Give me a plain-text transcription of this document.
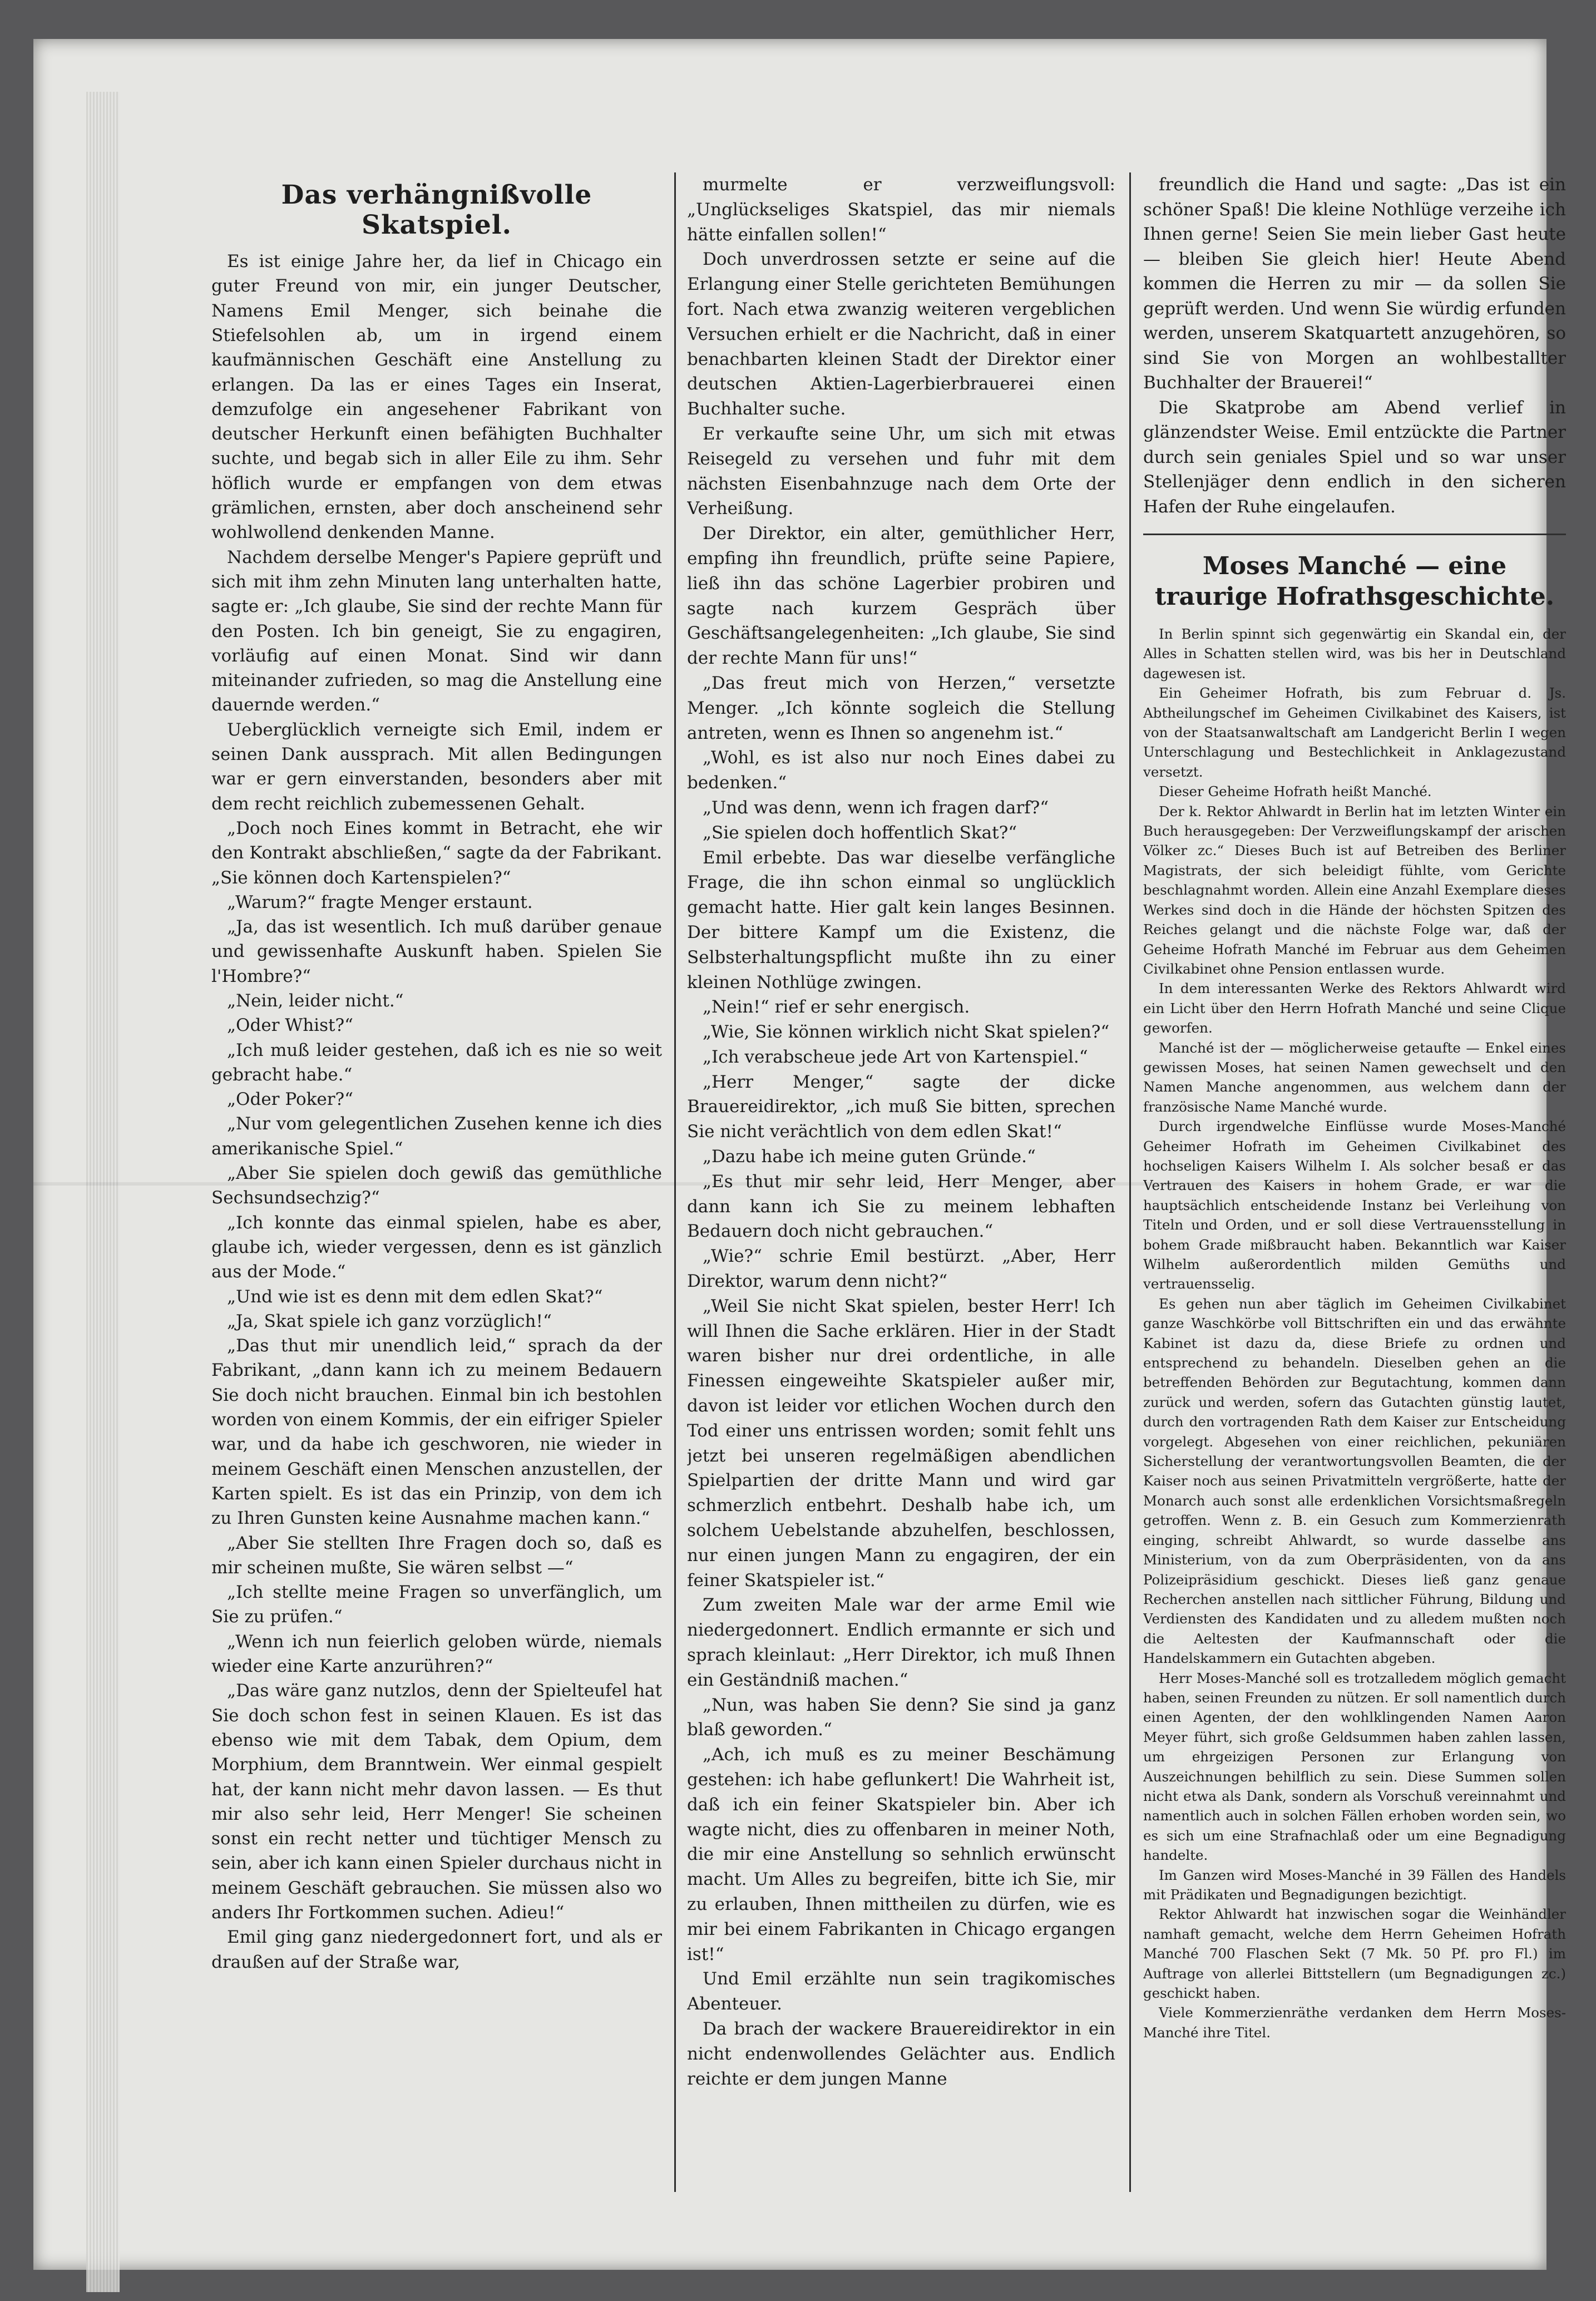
Das verhängnißvolle Skatspiel.

Es ist einige Jahre her, da lief in Chicago ein guter Freund von mir, ein junger Deutscher, Namens Emil Menger, sich beinahe die Stiefelsohlen ab, um in irgend einem kaufmännischen Geschäft eine Anstellung zu erlangen. Da las er eines Tages ein Inserat, demzufolge ein angesehener Fabrikant von deutscher Herkunft einen befähigten Buchhalter suchte, und begab sich in aller Eile zu ihm. Sehr höflich wurde er empfangen von dem etwas grämlichen, ernsten, aber doch anscheinend sehr wohlwollend denkenden Manne.

Nachdem derselbe Menger's Papiere geprüft und sich mit ihm zehn Minuten lang unterhalten hatte, sagte er: „Ich glaube, Sie sind der rechte Mann für den Posten. Ich bin geneigt, Sie zu engagiren, vorläufig auf einen Monat. Sind wir dann miteinander zufrieden, so mag die Anstellung eine dauernde werden.“

Ueberglücklich verneigte sich Emil, indem er seinen Dank aussprach. Mit allen Bedingungen war er gern einverstanden, besonders aber mit dem recht reichlich zubemessenen Gehalt.

„Doch noch Eines kommt in Betracht, ehe wir den Kontrakt abschließen,“ sagte da der Fabrikant. „Sie können doch Kartenspielen?“

„Warum?“ fragte Menger erstaunt.

„Ja, das ist wesentlich. Ich muß darüber genaue und gewissenhafte Auskunft haben. Spielen Sie l'Hombre?“

„Nein, leider nicht.“

„Oder Whist?“

„Ich muß leider gestehen, daß ich es nie so weit gebracht habe.“

„Oder Poker?“

„Nur vom gelegentlichen Zusehen kenne ich dies amerikanische Spiel.“

„Aber Sie spielen doch gewiß das gemüthliche Sechsundsechzig?“

„Ich konnte das einmal spielen, habe es aber, glaube ich, wieder vergessen, denn es ist gänzlich aus der Mode.“

„Und wie ist es denn mit dem edlen Skat?“

„Ja, Skat spiele ich ganz vorzüglich!“

„Das thut mir unendlich leid,“ sprach da der Fabrikant, „dann kann ich zu meinem Bedauern Sie doch nicht brauchen. Einmal bin ich bestohlen worden von einem Kommis, der ein eifriger Spieler war, und da habe ich geschworen, nie wieder in meinem Geschäft einen Menschen anzustellen, der Karten spielt. Es ist das ein Prinzip, von dem ich zu Ihren Gunsten keine Ausnahme machen kann.“

„Aber Sie stellten Ihre Fragen doch so, daß es mir scheinen mußte, Sie wären selbst —“

„Ich stellte meine Fragen so unverfänglich, um Sie zu prüfen.“

„Wenn ich nun feierlich geloben würde, niemals wieder eine Karte anzurühren?“

„Das wäre ganz nutzlos, denn der Spielteufel hat Sie doch schon fest in seinen Klauen. Es ist das ebenso wie mit dem Tabak, dem Opium, dem Morphium, dem Branntwein. Wer einmal gespielt hat, der kann nicht mehr davon lassen. — Es thut mir also sehr leid, Herr Menger! Sie scheinen sonst ein recht netter und tüchtiger Mensch zu sein, aber ich kann einen Spieler durchaus nicht in meinem Geschäft gebrauchen. Sie müssen also wo anders Ihr Fortkommen suchen. Adieu!“

Emil ging ganz niedergedonnert fort, und als er draußen auf der Straße war,

murmelte er verzweiflungsvoll: „Unglückseliges Skatspiel, das mir niemals hätte einfallen sollen!“

Doch unverdrossen setzte er seine auf die Erlangung einer Stelle gerichteten Bemühungen fort. Nach etwa zwanzig weiteren vergeblichen Versuchen erhielt er die Nachricht, daß in einer benachbarten kleinen Stadt der Direktor einer deutschen Aktien-Lagerbierbrauerei einen Buchhalter suche.

Er verkaufte seine Uhr, um sich mit etwas Reisegeld zu versehen und fuhr mit dem nächsten Eisenbahnzuge nach dem Orte der Verheißung.

Der Direktor, ein alter, gemüthlicher Herr, empfing ihn freundlich, prüfte seine Papiere, ließ ihn das schöne Lagerbier probiren und sagte nach kurzem Gespräch über Geschäftsangelegenheiten: „Ich glaube, Sie sind der rechte Mann für uns!“

„Das freut mich von Herzen,“ versetzte Menger. „Ich könnte sogleich die Stellung antreten, wenn es Ihnen so angenehm ist.“

„Wohl, es ist also nur noch Eines dabei zu bedenken.“

„Und was denn, wenn ich fragen darf?“

„Sie spielen doch hoffentlich Skat?“

Emil erbebte. Das war dieselbe verfängliche Frage, die ihn schon einmal so unglücklich gemacht hatte. Hier galt kein langes Besinnen. Der bittere Kampf um die Existenz, die Selbsterhaltungspflicht mußte ihn zu einer kleinen Nothlüge zwingen.

„Nein!“ rief er sehr energisch.

„Wie, Sie können wirklich nicht Skat spielen?“

„Ich verabscheue jede Art von Kartenspiel.“

„Herr Menger,“ sagte der dicke Brauereidirektor, „ich muß Sie bitten, sprechen Sie nicht verächtlich von dem edlen Skat!“

„Dazu habe ich meine guten Gründe.“

„Es thut mir sehr leid, Herr Menger, aber dann kann ich Sie zu meinem lebhaften Bedauern doch nicht gebrauchen.“

„Wie?“ schrie Emil bestürzt. „Aber, Herr Direktor, warum denn nicht?“

„Weil Sie nicht Skat spielen, bester Herr! Ich will Ihnen die Sache erklären. Hier in der Stadt waren bisher nur drei ordentliche, in alle Finessen eingeweihte Skatspieler außer mir, davon ist leider vor etlichen Wochen durch den Tod einer uns entrissen worden; somit fehlt uns jetzt bei unseren regelmäßigen abendlichen Spielpartien der dritte Mann und wird gar schmerzlich entbehrt. Deshalb habe ich, um solchem Uebelstande abzuhelfen, beschlossen, nur einen jungen Mann zu engagiren, der ein feiner Skatspieler ist.“

Zum zweiten Male war der arme Emil wie niedergedonnert. Endlich ermannte er sich und sprach kleinlaut: „Herr Direktor, ich muß Ihnen ein Geständniß machen.“

„Nun, was haben Sie denn? Sie sind ja ganz blaß geworden.“

„Ach, ich muß es zu meiner Beschämung gestehen: ich habe geflunkert! Die Wahrheit ist, daß ich ein feiner Skatspieler bin. Aber ich wagte nicht, dies zu offenbaren in meiner Noth, die mir eine Anstellung so sehnlich erwünscht macht. Um Alles zu begreifen, bitte ich Sie, mir zu erlauben, Ihnen mittheilen zu dürfen, wie es mir bei einem Fabrikanten in Chicago ergangen ist!“

Und Emil erzählte nun sein tragikomisches Abenteuer.

Da brach der wackere Brauereidirektor in ein nicht endenwollendes Gelächter aus. Endlich reichte er dem jungen Manne

freundlich die Hand und sagte: „Das ist ein schöner Spaß! Die kleine Nothlüge verzeihe ich Ihnen gerne! Seien Sie mein lieber Gast heute — bleiben Sie gleich hier! Heute Abend kommen die Herren zu mir — da sollen Sie geprüft werden. Und wenn Sie würdig erfunden werden, unserem Skatquartett anzugehören, so sind Sie von Morgen an wohlbestallter Buchhalter der Brauerei!“

Die Skatprobe am Abend verlief in glänzendster Weise. Emil entzückte die Partner durch sein geniales Spiel und so war unser Stellenjäger denn endlich in den sicheren Hafen der Ruhe eingelaufen.

Moses Manché — eine traurige Hofrathsgeschichte.

In Berlin spinnt sich gegenwärtig ein Skandal ein, der Alles in Schatten stellen wird, was bis her in Deutschland dagewesen ist.

Ein Geheimer Hofrath, bis zum Februar d. Js. Abtheilungschef im Geheimen Civilkabinet des Kaisers, ist von der Staatsanwaltschaft am Landgericht Berlin I wegen Unterschlagung und Bestechlichkeit in Anklagezustand versetzt.

Dieser Geheime Hofrath heißt Manché.

Der k. Rektor Ahlwardt in Berlin hat im letzten Winter ein Buch herausgegeben: Der Verzweiflungskampf der arischen Völker zc.“ Dieses Buch ist auf Betreiben des Berliner Magistrats, der sich beleidigt fühlte, vom Gerichte beschlagnahmt worden. Allein eine Anzahl Exemplare dieses Werkes sind doch in die Hände der höchsten Spitzen des Reiches gelangt und die nächste Folge war, daß der Geheime Hofrath Manché im Februar aus dem Geheimen Civilkabinet ohne Pension entlassen wurde.

In dem interessanten Werke des Rektors Ahlwardt wird ein Licht über den Herrn Hofrath Manché und seine Clique geworfen.

Manché ist der — möglicherweise getaufte — Enkel eines gewissen Moses, hat seinen Namen gewechselt und den Namen Manche angenommen, aus welchem dann der französische Name Manché wurde.

Durch irgendwelche Einflüsse wurde Moses-Manché Geheimer Hofrath im Geheimen Civilkabinet des hochseligen Kaisers Wilhelm I. Als solcher besaß er das Vertrauen des Kaisers in hohem Grade, er war die hauptsächlich entscheidende Instanz bei Verleihung von Titeln und Orden, und er soll diese Vertrauensstellung in bohem Grade mißbraucht haben. Bekanntlich war Kaiser Wilhelm außerordentlich milden Gemüths und vertrauensselig.

Es gehen nun aber täglich im Geheimen Civilkabinet ganze Waschkörbe voll Bittschriften ein und das erwähnte Kabinet ist dazu da, diese Briefe zu ordnen und entsprechend zu behandeln. Dieselben gehen an die betreffenden Behörden zur Begutachtung, kommen dann zurück und werden, sofern das Gutachten günstig lautet, durch den vortragenden Rath dem Kaiser zur Entscheidung vorgelegt. Abgesehen von einer reichlichen, pekuniären Sicherstellung der verantwortungsvollen Beamten, die der Kaiser noch aus seinen Privatmitteln vergrößerte, hatte der Monarch auch sonst alle erdenklichen Vorsichtsmaßregeln getroffen. Wenn z. B. ein Gesuch zum Kommerzienrath einging, schreibt Ahlwardt, so wurde dasselbe ans Ministerium, von da zum Oberpräsidenten, von da ans Polizeipräsidium geschickt. Dieses ließ ganz genaue Recherchen anstellen nach sittlicher Führung, Bildung und Verdiensten des Kandidaten und zu alledem mußten noch die Aeltesten der Kaufmannschaft oder die Handelskammern ein Gutachten abgeben.

Herr Moses-Manché soll es trotzalledem möglich gemacht haben, seinen Freunden zu nützen. Er soll namentlich durch einen Agenten, der den wohlklingenden Namen Aaron Meyer führt, sich große Geldsummen haben zahlen lassen, um ehrgeizigen Personen zur Erlangung von Auszeichnungen behilflich zu sein. Diese Summen sollen nicht etwa als Dank, sondern als Vorschuß vereinnahmt und namentlich auch in solchen Fällen erhoben worden sein, wo es sich um eine Strafnachlaß oder um eine Begnadigung handelte.

Im Ganzen wird Moses-Manché in 39 Fällen des Handels mit Prädikaten und Begnadigungen bezichtigt.

Rektor Ahlwardt hat inzwischen sogar die Weinhändler namhaft gemacht, welche dem Herrn Geheimen Hofrath Manché 700 Flaschen Sekt (7 Mk. 50 Pf. pro Fl.) im Auftrage von allerlei Bittstellern (um Begnadigungen zc.) geschickt haben.

Viele Kommerzienräthe verdanken dem Herrn Moses-Manché ihre Titel.
